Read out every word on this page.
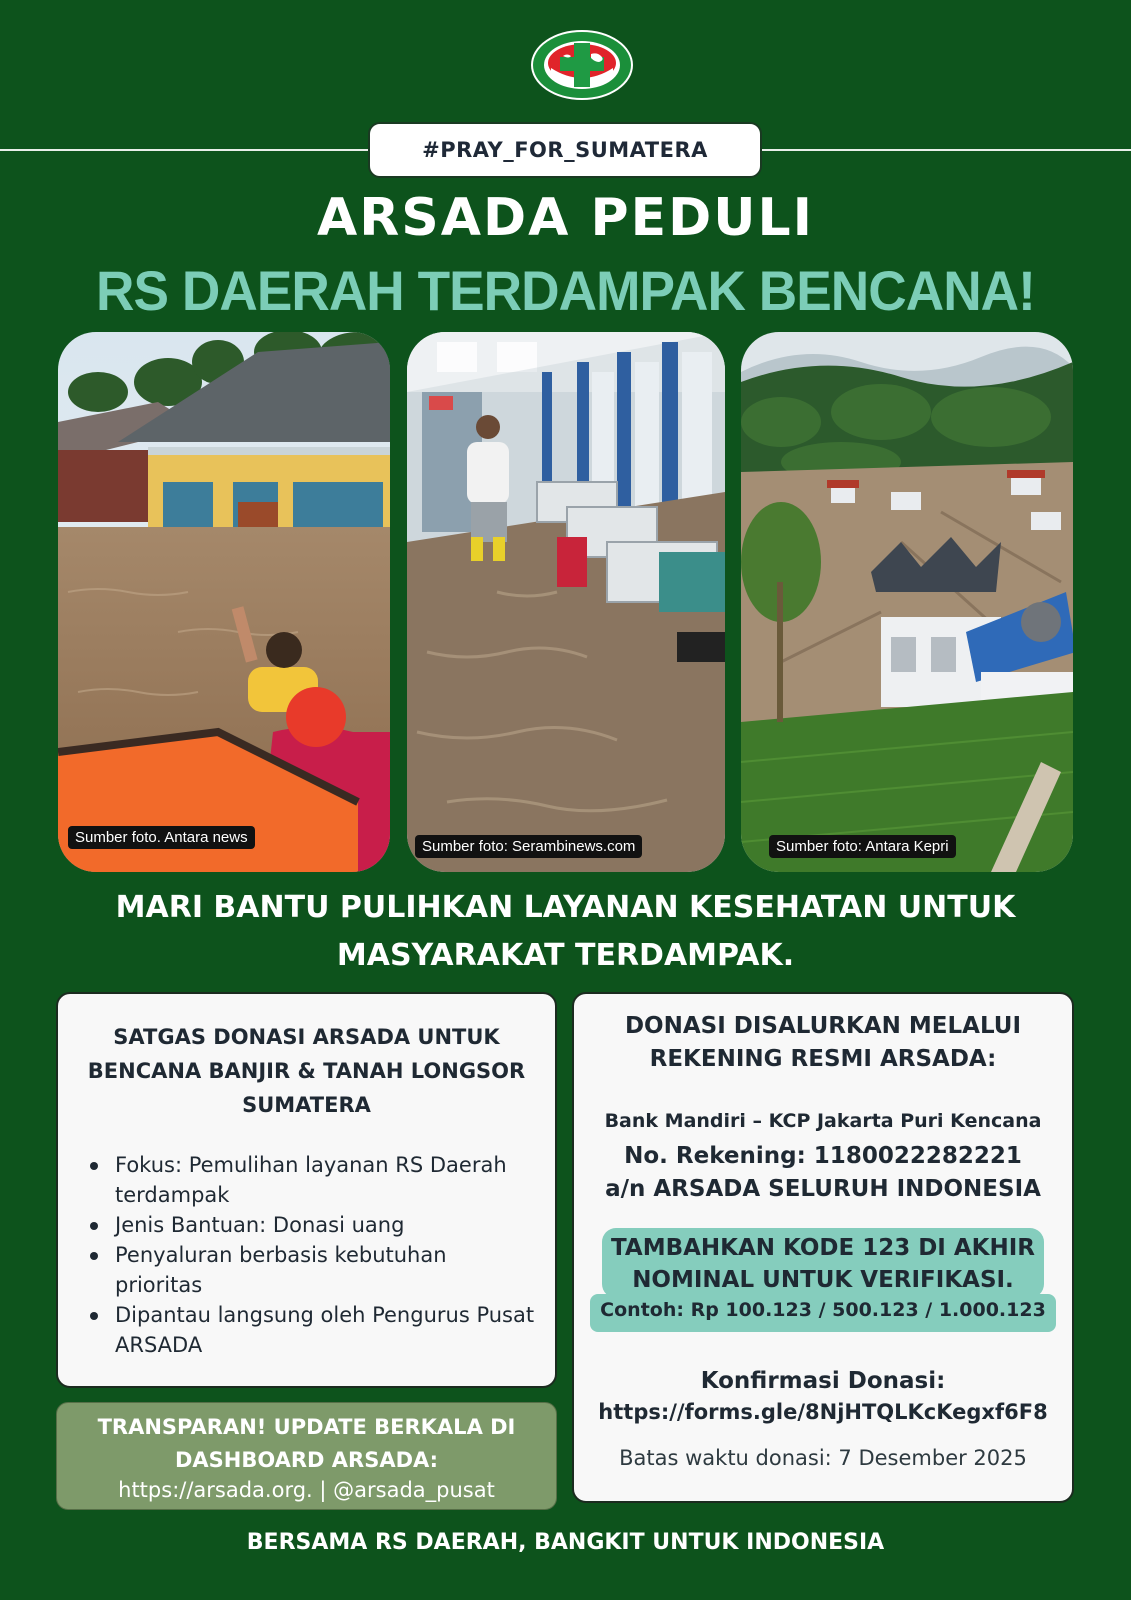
#PRAY_FOR_SUMATERA
ARSADA PEDULI
RS DAERAH TERDAMPAK BENCANA!
Sumber foto. Antara news
Sumber foto: Serambinews.com	Sumber foto: Antara Kepri
MARI BANTU PULIHKAN LAYANAN KESEHATAN UNTUK
MASYARAKAT TERDAMPAK.
SATGAS DONASI ARSADA UNTUK
BENCANA BANJIR & TANAH LONGSOR
SUMATERA
Fokus: Pemulihan layanan RS Daerah terdampak
Jenis Bantuan: Donasi uang
Penyaluran berbasis kebutuhan prioritas
Dipantau langsung oleh Pengurus Pusat ARSADA
TRANSPARAN! UPDATE BERKALA DI
DASHBOARD ARSADA:
https://arsada.org. | @arsada_pusat
DONASI DISALURKAN MELALUI
REKENING RESMI ARSADA:
Bank Mandiri – KCP Jakarta Puri Kencana
No. Rekening: 1180022282221
a/n ARSADA SELURUH INDONESIA
TAMBAHKAN KODE 123 DI AKHIR
NOMINAL UNTUK VERIFIKASI.
Contoh: Rp 100.123 / 500.123 / 1.000.123
Konfirmasi Donasi:
https://forms.gle/8NjHTQLKcKegxf6F8
Batas waktu donasi: 7 Desember 2025
BERSAMA RS DAERAH, BANGKIT UNTUK INDONESIA
